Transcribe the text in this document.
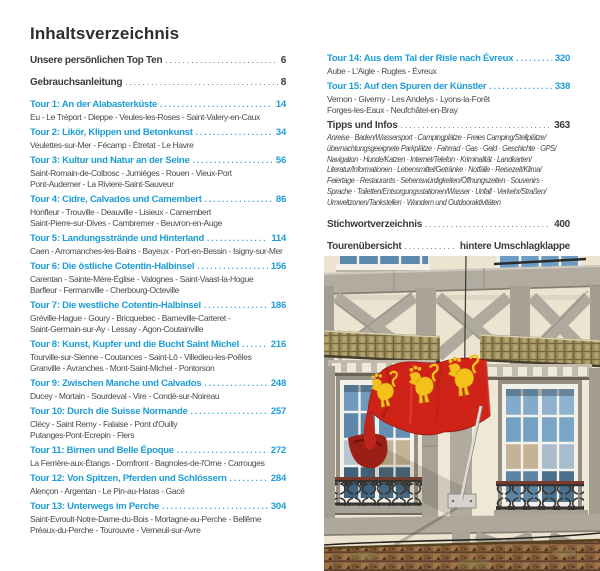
Inhaltsverzeichnis
Unsere persönlichen Top Ten .....	6
Gebrauchsanleitung .....	8
Tour 1: An der Alabasterküste .....	14
Eu - Le Tréport - Dieppe - Veules-les-Roses - Saint-Valery-en-Caux
Tour 2: Likör, Klippen und Betonkunst .....	34
Veulettes-sur-Mer - Fécamp - Étretat - Le Havre
Tour 3: Kultur und Natur an der Seine .....	56
Saint-Romain-de-Colbosc - Jumièges - Rouen - Vieux-Port
Pont-Audemer - La Riviere-Saint-Sauveur
Tour 4: Cidre, Calvados und Camembert .....	86
Honfleur - Trouville - Deauville - Lisieux - Camembert
Saint-Pierre-sur-Dives - Cambremer - Beuvron-en-Auge
Tour 5: Landungsstrände und Hinterland .....	114
Caen - Arromanches-les-Bains - Bayeux - Port-en-Bessin - Isigny-sur-Mer
Tour 6: Die östliche Cotentin-Halbinsel .....	156
Carentan - Sainte-Mère-Église - Valognes - Saint-Vaast-la-Hogue
Barfleur - Fermanville - Cherbourg-Octeville
Tour 7: Die westliche Cotentin-Halbinsel .....	186
Gréville-Hague - Goury - Bricquebec - Barneville-Carteret -
Saint-Germain-sur-Ay - Lessay - Agon-Coutainville
Tour 8: Kunst, Kupfer und die Bucht Saint Michel .....	216
Tourville-sur-Sienne - Coutances - Saint-Lô - Villedieu-les-Poêles
Granville - Avranches - Mont-Saint-Michel - Pontorson
Tour 9: Zwischen Manche und Calvados .....	248
Ducey - Mortain - Sourdeval - Vire - Condé-sur-Noireau
Tour 10: Durch die Suisse Normande .....	257
Clécy - Saint Remy - Falaise - Pont d'Ouilly
Putanges-Pont-Ecrepin - Flers
Tour 11: Birnen und Belle Époque .....	272
La Ferrière-aux-Étangs - Domfront - Bagnoles-de-l'Orne - Carrouges
Tour 12: Von Spitzen, Pferden und Schlössern .....	284
Alençon - Argentan - Le Pin-au-Haras - Gacé
Tour 13: Unterwegs im Perche .....	304
Saint-Evroult-Notre-Dame-du-Bois - Mortagne-au-Perche - Bellême
Préaux-du-Perche - Tourouvre - Verneuil-sur-Avre
Tour 14: Aus dem Tal der Risle nach Évreux .....	320
Aube - L'Aigle - Rugles - Évreux
Tour 15: Auf den Spuren der Künstler .....	338
Vernon - Giverny - Les Andelys - Lyons-la-Forêt
Forges-les-Eaux - Neufchâtel-en-Bray
Tipps und Infos .....	363
Anreise · Baden/Wassersport · Campingplätze · Freies Camping/Stellplätze/
übernachtungsgeeignete Parkplätze · Fahrrad · Gas · Geld · Geschichte · GPS/
Navigation · Hunde/Katzen · Internet/Telefon · Kriminalität · Landkarten/
Literatur/Informationen · Lebensmittel/Getränke · Notfälle · Reisezeit/Klima/
Feiertage · Restaurants · Sehenswürdigkeiten/Öffnungszeiten · Souvenirs ·
Sprache · Toiletten/Entsorgungsstationen/Wasser · Unfall · Verkehr/Straßen/
Umweltzonen/Tankstellen · Wandern und Outdooraktivitäten
Stichwortverzeichnis .....	400
Tourenübersicht .....	hintere Umschlagklappe
